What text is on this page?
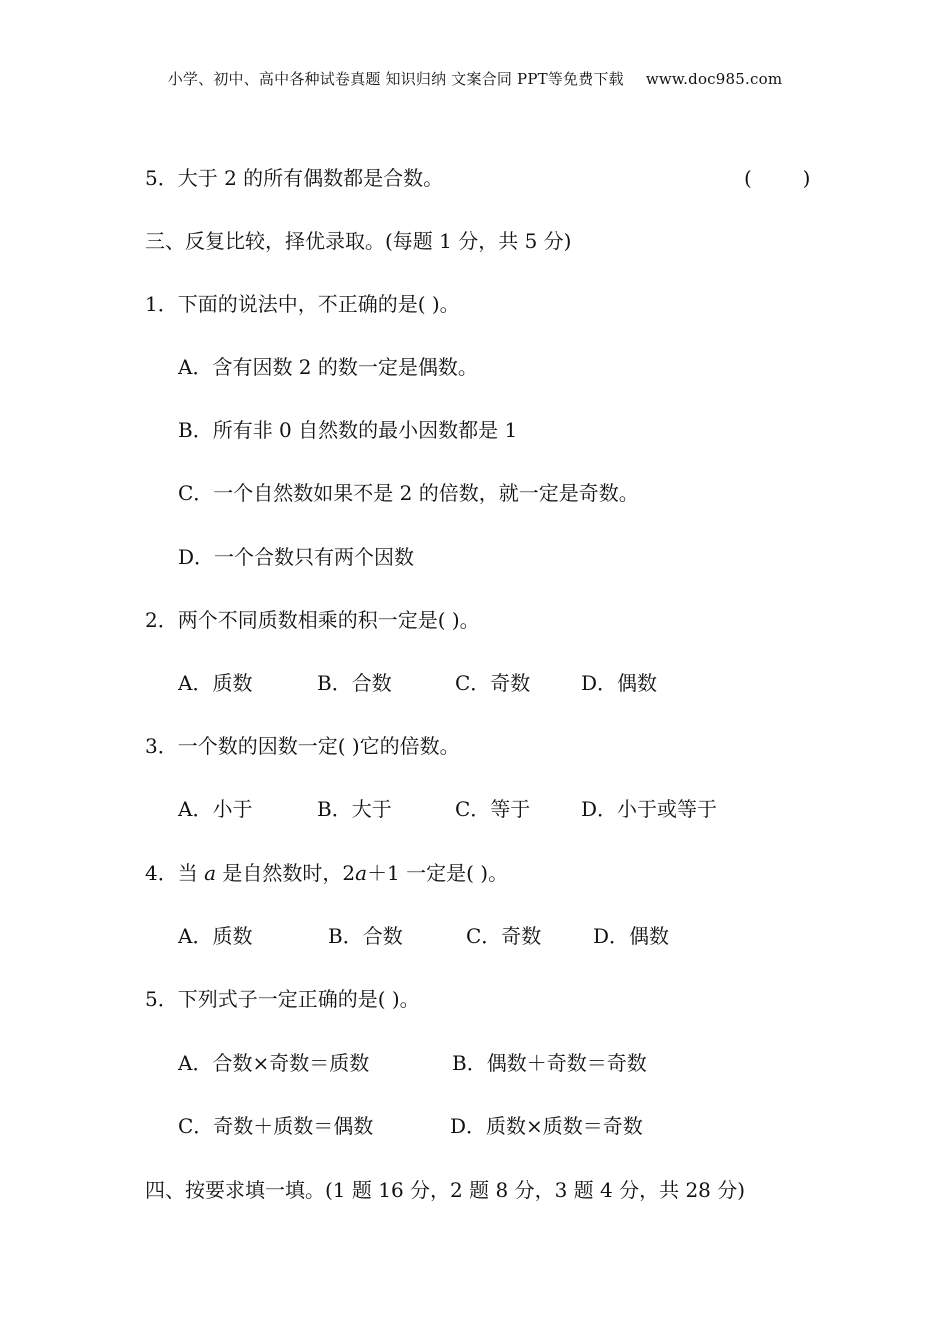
小学、初中、高中各种试卷真题 知识归纳 文案合同 PPT等免费下载 www.doc985.com
5．大于 2 的所有偶数都是合数。	(        )
三、反复比较，择优录取。(每题 1 分，共 5 分)
1．下面的说法中，不正确的是( )。
A．含有因数 2 的数一定是偶数。
B．所有非 0 自然数的最小因数都是 1
C．一个自然数如果不是 2 的倍数，就一定是奇数。
D．一个合数只有两个因数
2．两个不同质数相乘的积一定是( )。
A．质数	B．合数	C．奇数	D．偶数
3．一个数的因数一定( )它的倍数。
A．小于	B．大于	C．等于	D．小于或等于
4．当 a 是自然数时，2a＋1 一定是( )。
A．质数	B．合数	C．奇数	D．偶数
5．下列式子一定正确的是( )。
A．合数×奇数＝质数	B．偶数＋奇数＝奇数
C．奇数＋质数＝偶数	D．质数×质数＝奇数
四、按要求填一填。(1 题 16 分，2 题 8 分，3 题 4 分，共 28 分)
